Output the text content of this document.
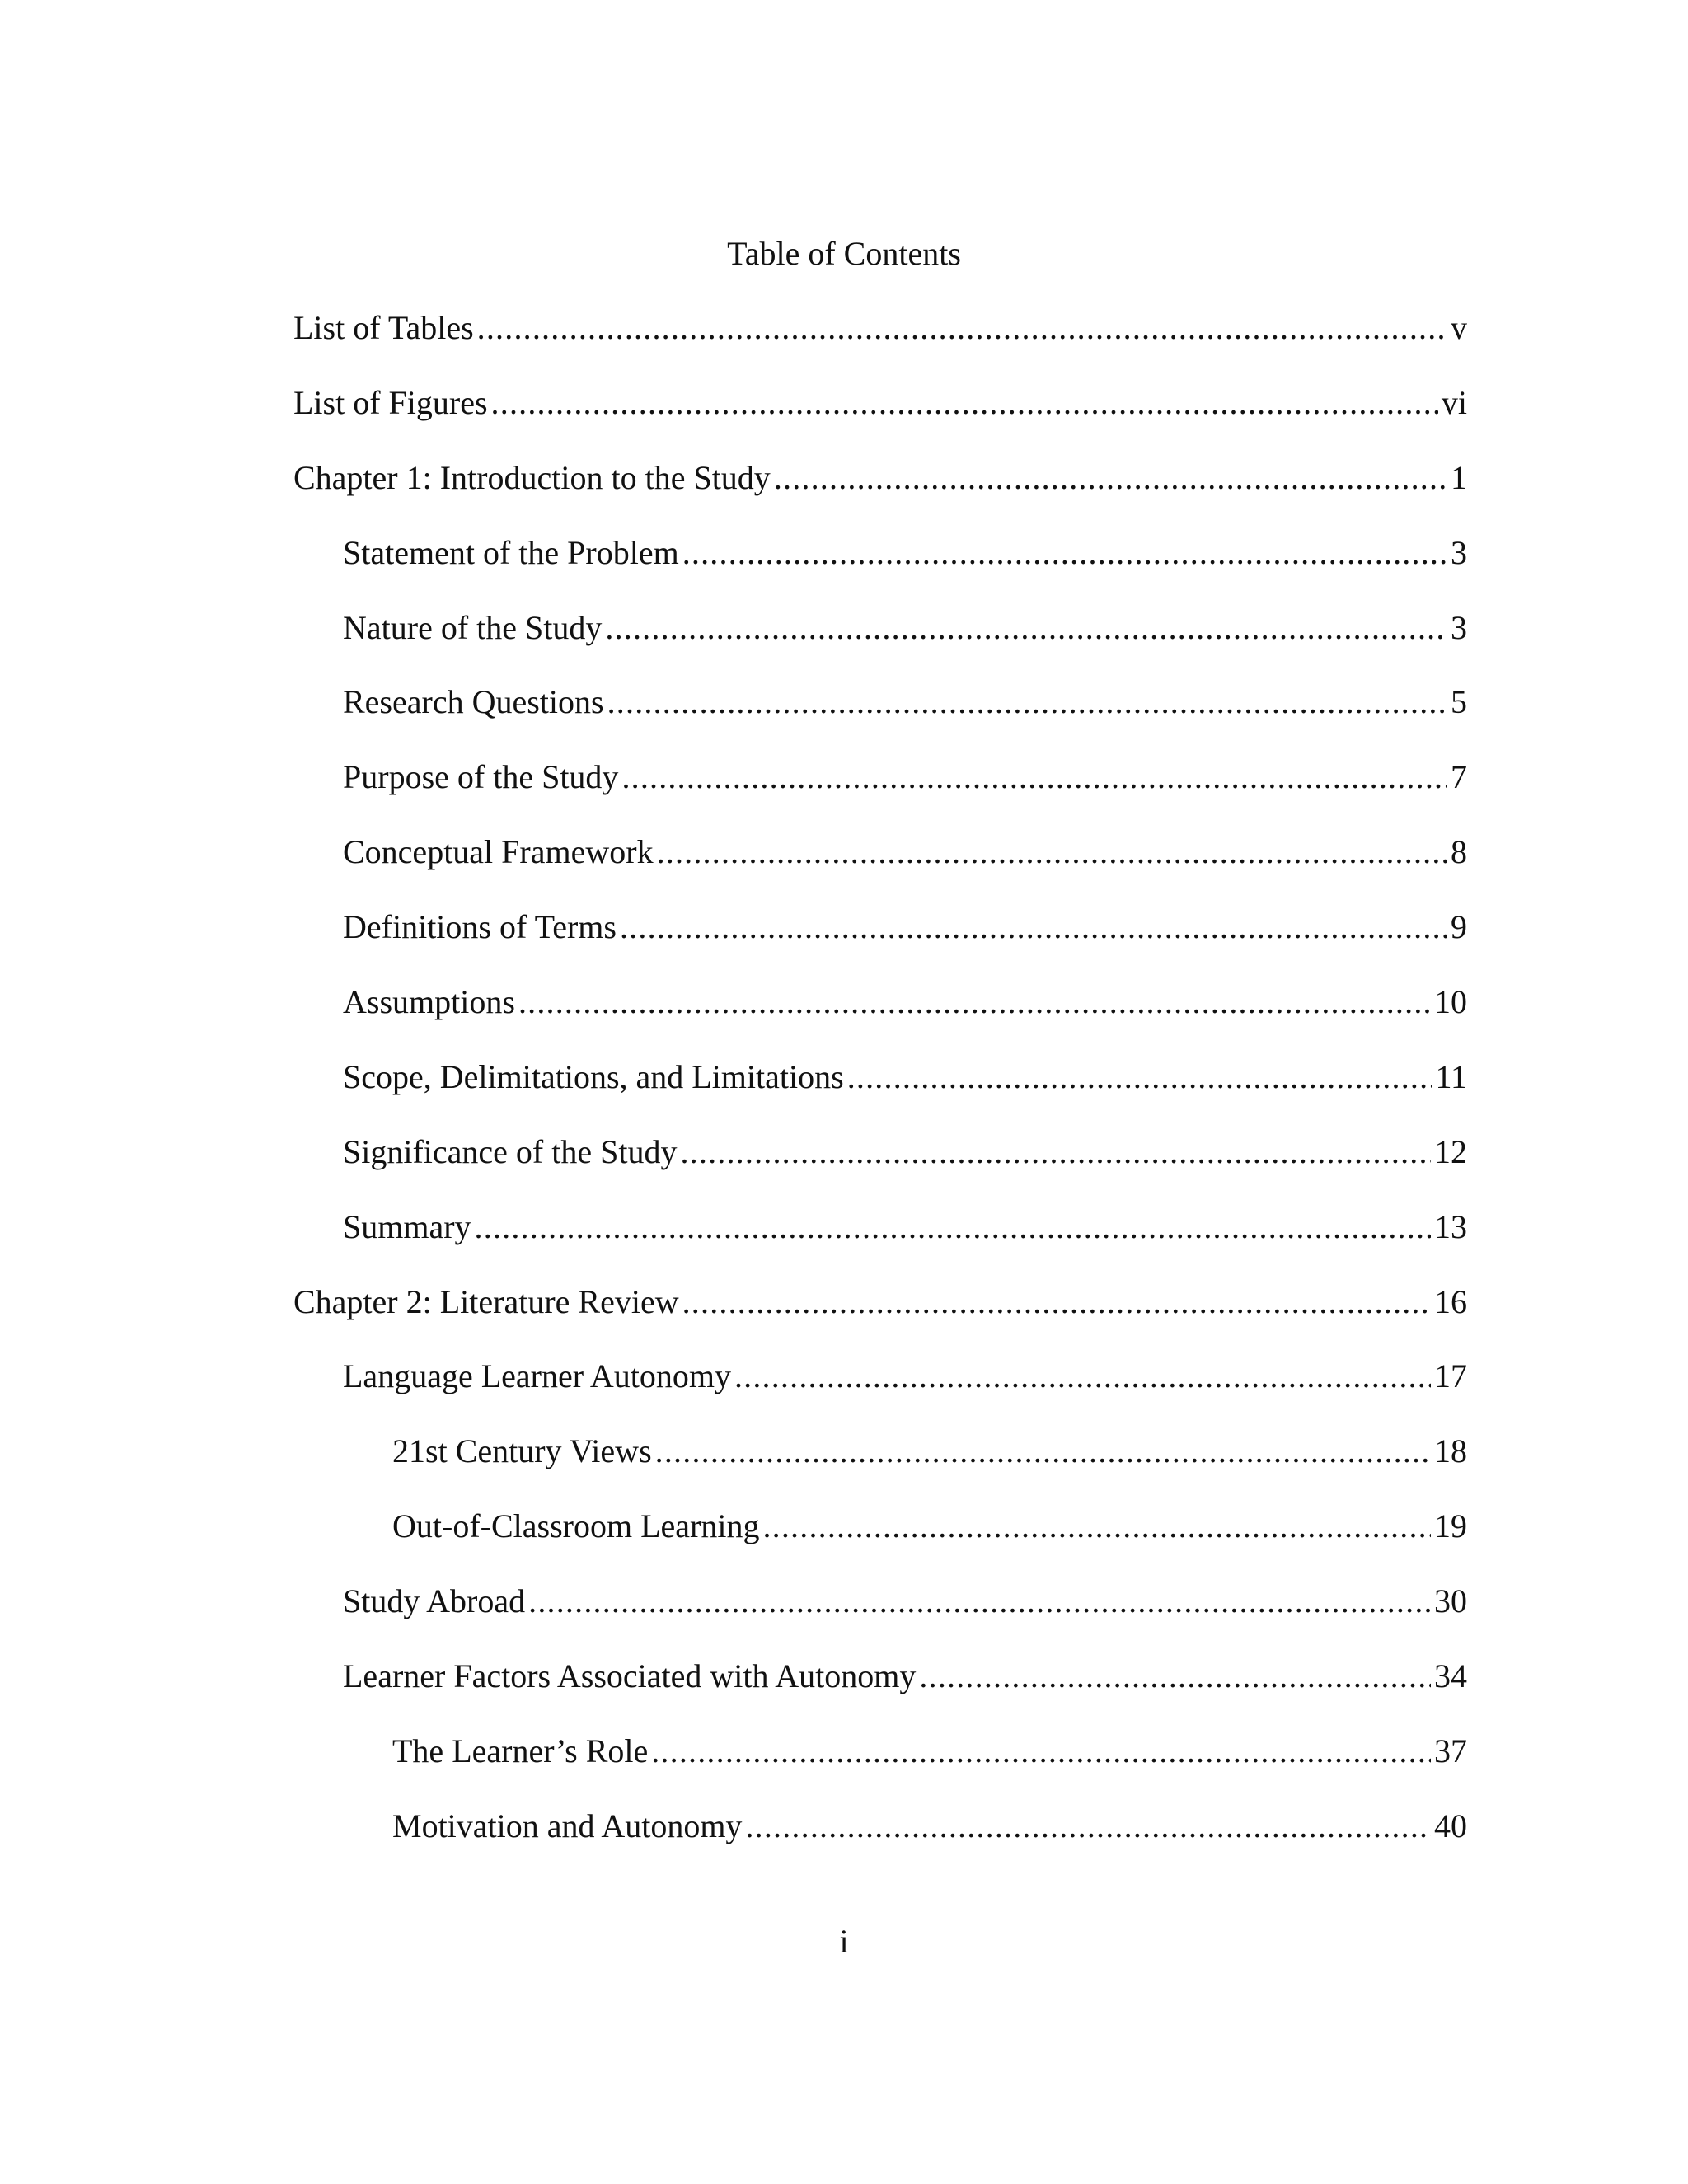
Table of Contents
List of Tables .....	v
List of Figures .....	vi
Chapter 1: Introduction to the Study .....	1
Statement of the Problem .....	3
Nature of the Study .....	3
Research Questions .....	5
Purpose of the Study .....	7
Conceptual Framework .....	8
Definitions of Terms .....	9
Assumptions .....	10
Scope, Delimitations, and Limitations .....	11
Significance of the Study .....	12
Summary .....	13
Chapter 2: Literature Review .....	16
Language Learner Autonomy .....	17
21st Century Views .....	18
Out-of-Classroom Learning .....	19
Study Abroad .....	30
Learner Factors Associated with Autonomy .....	34
The Learner’s Role .....	37
Motivation and Autonomy .....	40
i
